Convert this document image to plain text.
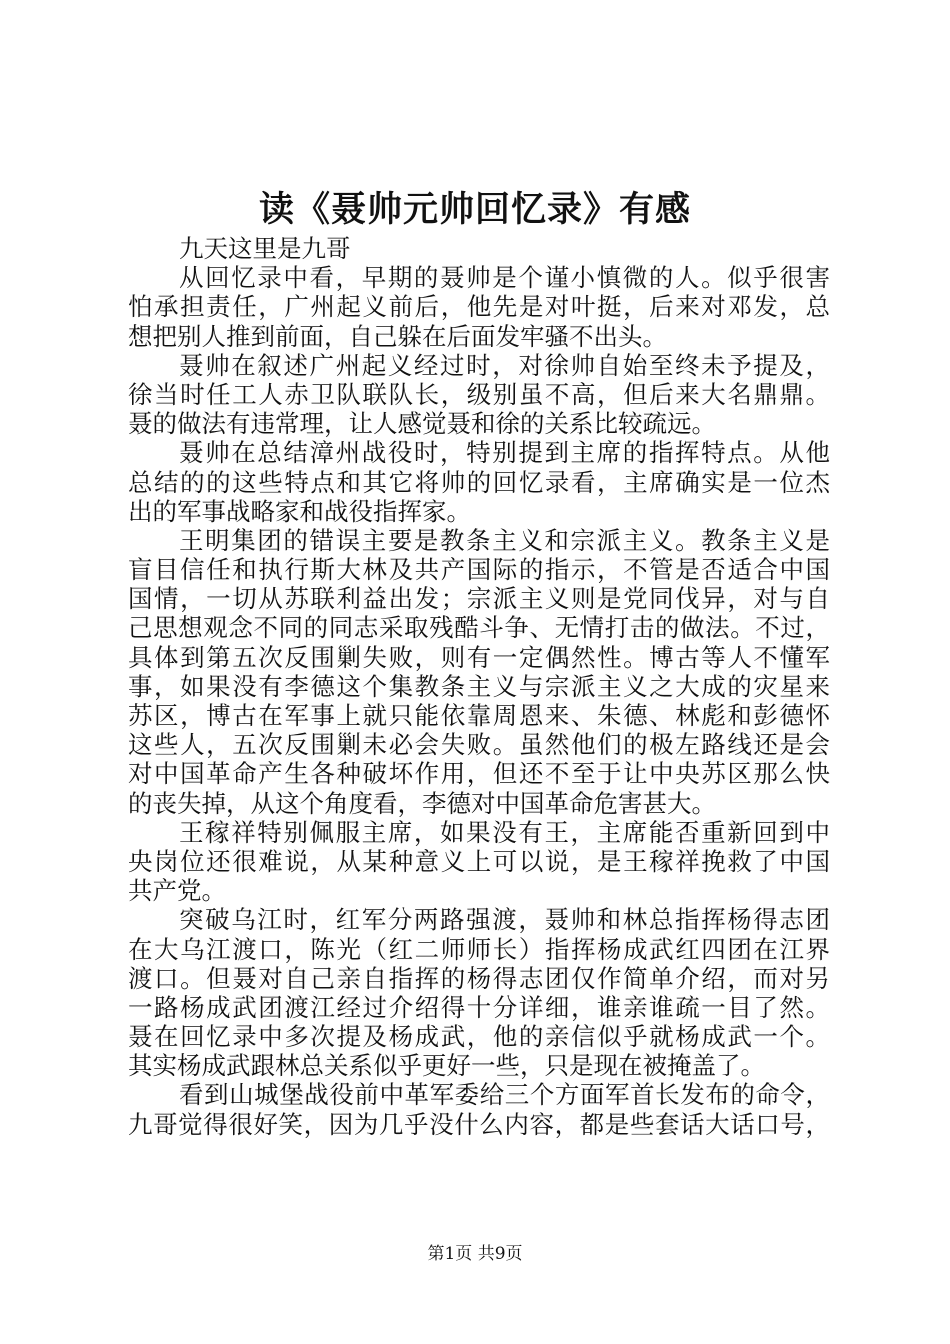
读《聂帅元帅回忆录》有感
九天这里是九哥
从回忆录中看，早期的聂帅是个谨小慎微的人。似乎很害
怕承担责任，广州起义前后，他先是对叶挺，后来对邓发，总
想把别人推到前面，自己躲在后面发牢骚不出头。
聂帅在叙述广州起义经过时，对徐帅自始至终未予提及，
徐当时任工人赤卫队联队长，级别虽不高，但后来大名鼎鼎。
聂的做法有违常理，让人感觉聂和徐的关系比较疏远。
聂帅在总结漳州战役时，特别提到主席的指挥特点。从他
总结的的这些特点和其它将帅的回忆录看，主席确实是一位杰
出的军事战略家和战役指挥家。
王明集团的错误主要是教条主义和宗派主义。教条主义是
盲目信任和执行斯大林及共产国际的指示，不管是否适合中国
国情，一切从苏联利益出发；宗派主义则是党同伐异，对与自
己思想观念不同的同志采取残酷斗争、无情打击的做法。不过，
具体到第五次反围剿失败，则有一定偶然性。博古等人不懂军
事，如果没有李德这个集教条主义与宗派主义之大成的灾星来
苏区，博古在军事上就只能依靠周恩来、朱德、林彪和彭德怀
这些人，五次反围剿未必会失败。虽然他们的极左路线还是会
对中国革命产生各种破坏作用，但还不至于让中央苏区那么快
的丧失掉，从这个角度看，李德对中国革命危害甚大。
王稼祥特别佩服主席，如果没有王，主席能否重新回到中
央岗位还很难说，从某种意义上可以说，是王稼祥挽救了中国
共产党。
突破乌江时，红军分两路强渡，聂帅和林总指挥杨得志团
在大乌江渡口，陈光（红二师师长）指挥杨成武红四团在江界
渡口。但聂对自己亲自指挥的杨得志团仅作简单介绍，而对另
一路杨成武团渡江经过介绍得十分详细，谁亲谁疏一目了然。
聂在回忆录中多次提及杨成武，他的亲信似乎就杨成武一个。
其实杨成武跟林总关系似乎更好一些，只是现在被掩盖了。
看到山城堡战役前中革军委给三个方面军首长发布的命令，
九哥觉得很好笑，因为几乎没什么内容，都是些套话大话口号，
第1页 共9页
